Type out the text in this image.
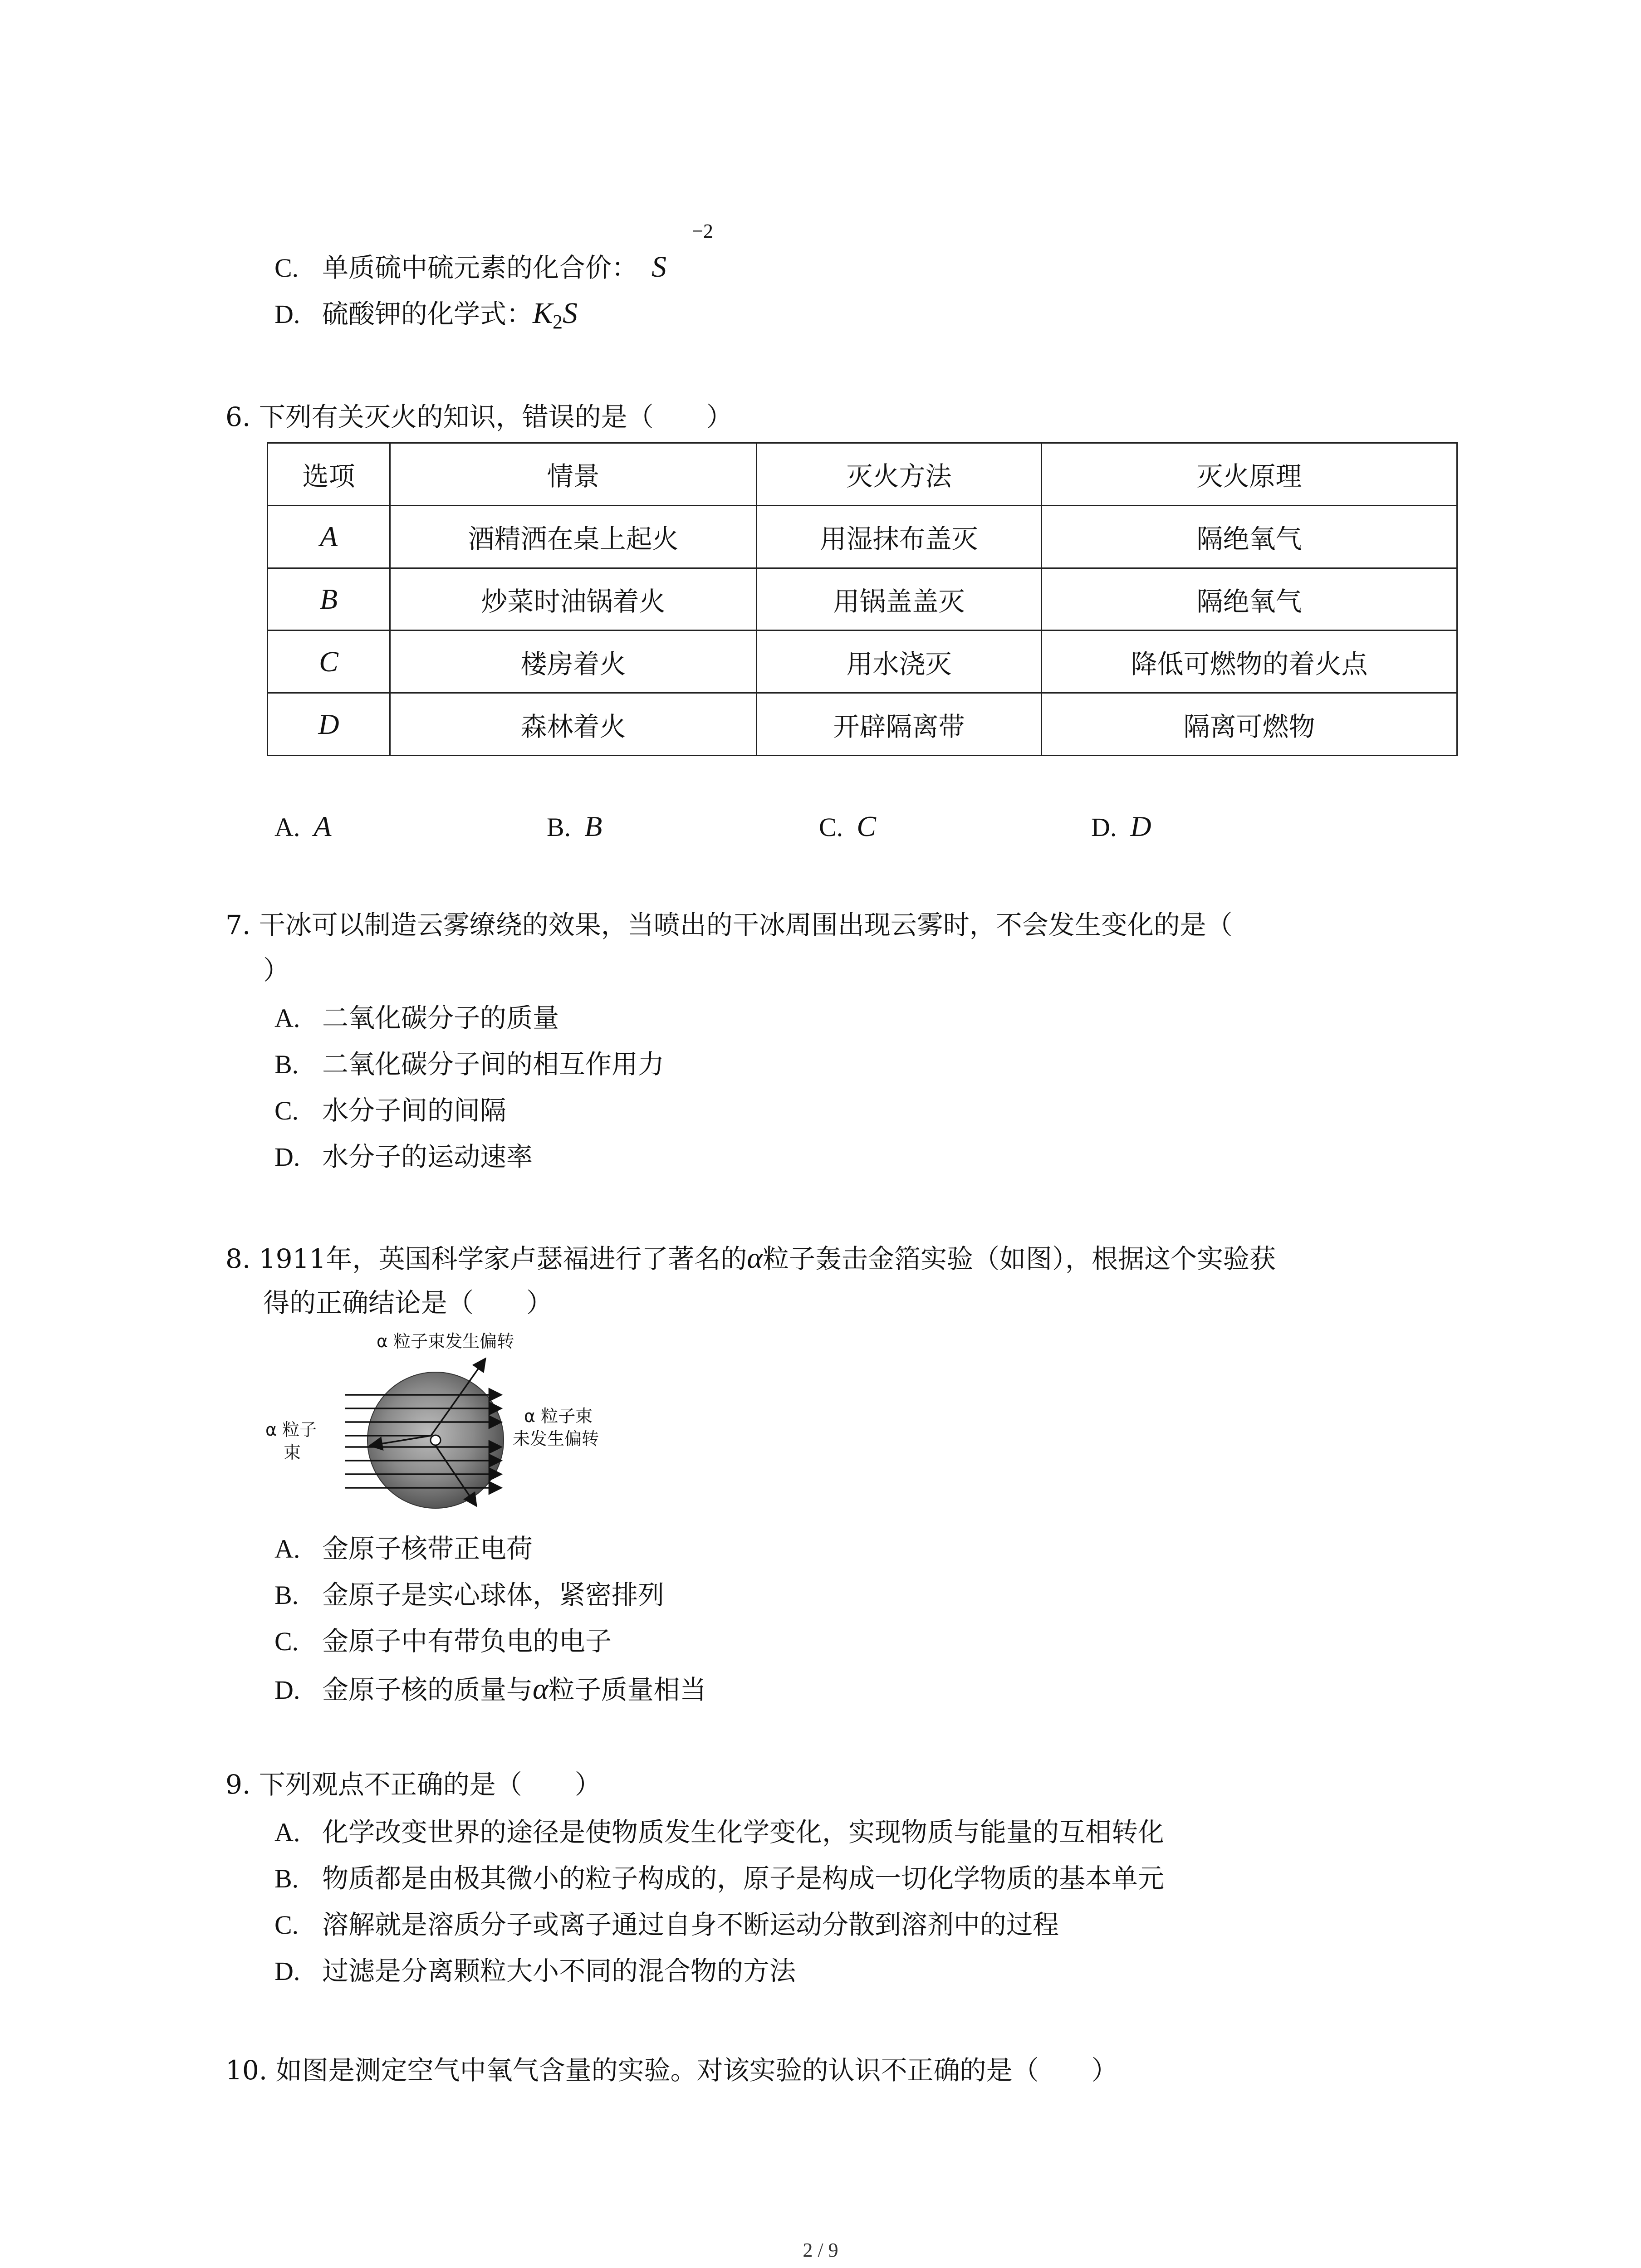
−2
C. 单质硫中硫元素的化合价： S
D. 硫酸钾的化学式：$K_2S$
6. 下列有关灭火的知识，错误的是（　　）
选项	情景	灭火方法	灭火原理
A	酒精洒在桌上起火	用湿抹布盖灭	隔绝氧气
B	炒菜时油锅着火	用锅盖盖灭	隔绝氧气
C	楼房着火	用水浇灭	降低可燃物的着火点
D	森林着火	开辟隔离带	隔离可燃物
A. A	B. B	C. C	D. D
7. 干冰可以制造云雾缭绕的效果，当喷出的干冰周围出现云雾时，不会发生变化的是（
）
A. 二氧化碳分子的质量
B. 二氧化碳分子间的相互作用力
C. 水分子间的间隔
D. 水分子的运动速率
8. 1911年，英国科学家卢瑟福进行了著名的α粒子轰击金箔实验（如图），根据这个实验获
得的正确结论是（　　）
α 粒子束发生偏转
α 粒子
束
α 粒子束
未发生偏转
A. 金原子核带正电荷
B. 金原子是实心球体，紧密排列
C. 金原子中有带负电的电子
D. 金原子核的质量与α粒子质量相当
9. 下列观点不正确的是（　　）
A. 化学改变世界的途径是使物质发生化学变化，实现物质与能量的互相转化
B. 物质都是由极其微小的粒子构成的，原子是构成一切化学物质的基本单元
C. 溶解就是溶质分子或离子通过自身不断运动分散到溶剂中的过程
D. 过滤是分离颗粒大小不同的混合物的方法
10. 如图是测定空气中氧气含量的实验。对该实验的认识不正确的是（　　）
2 / 9
